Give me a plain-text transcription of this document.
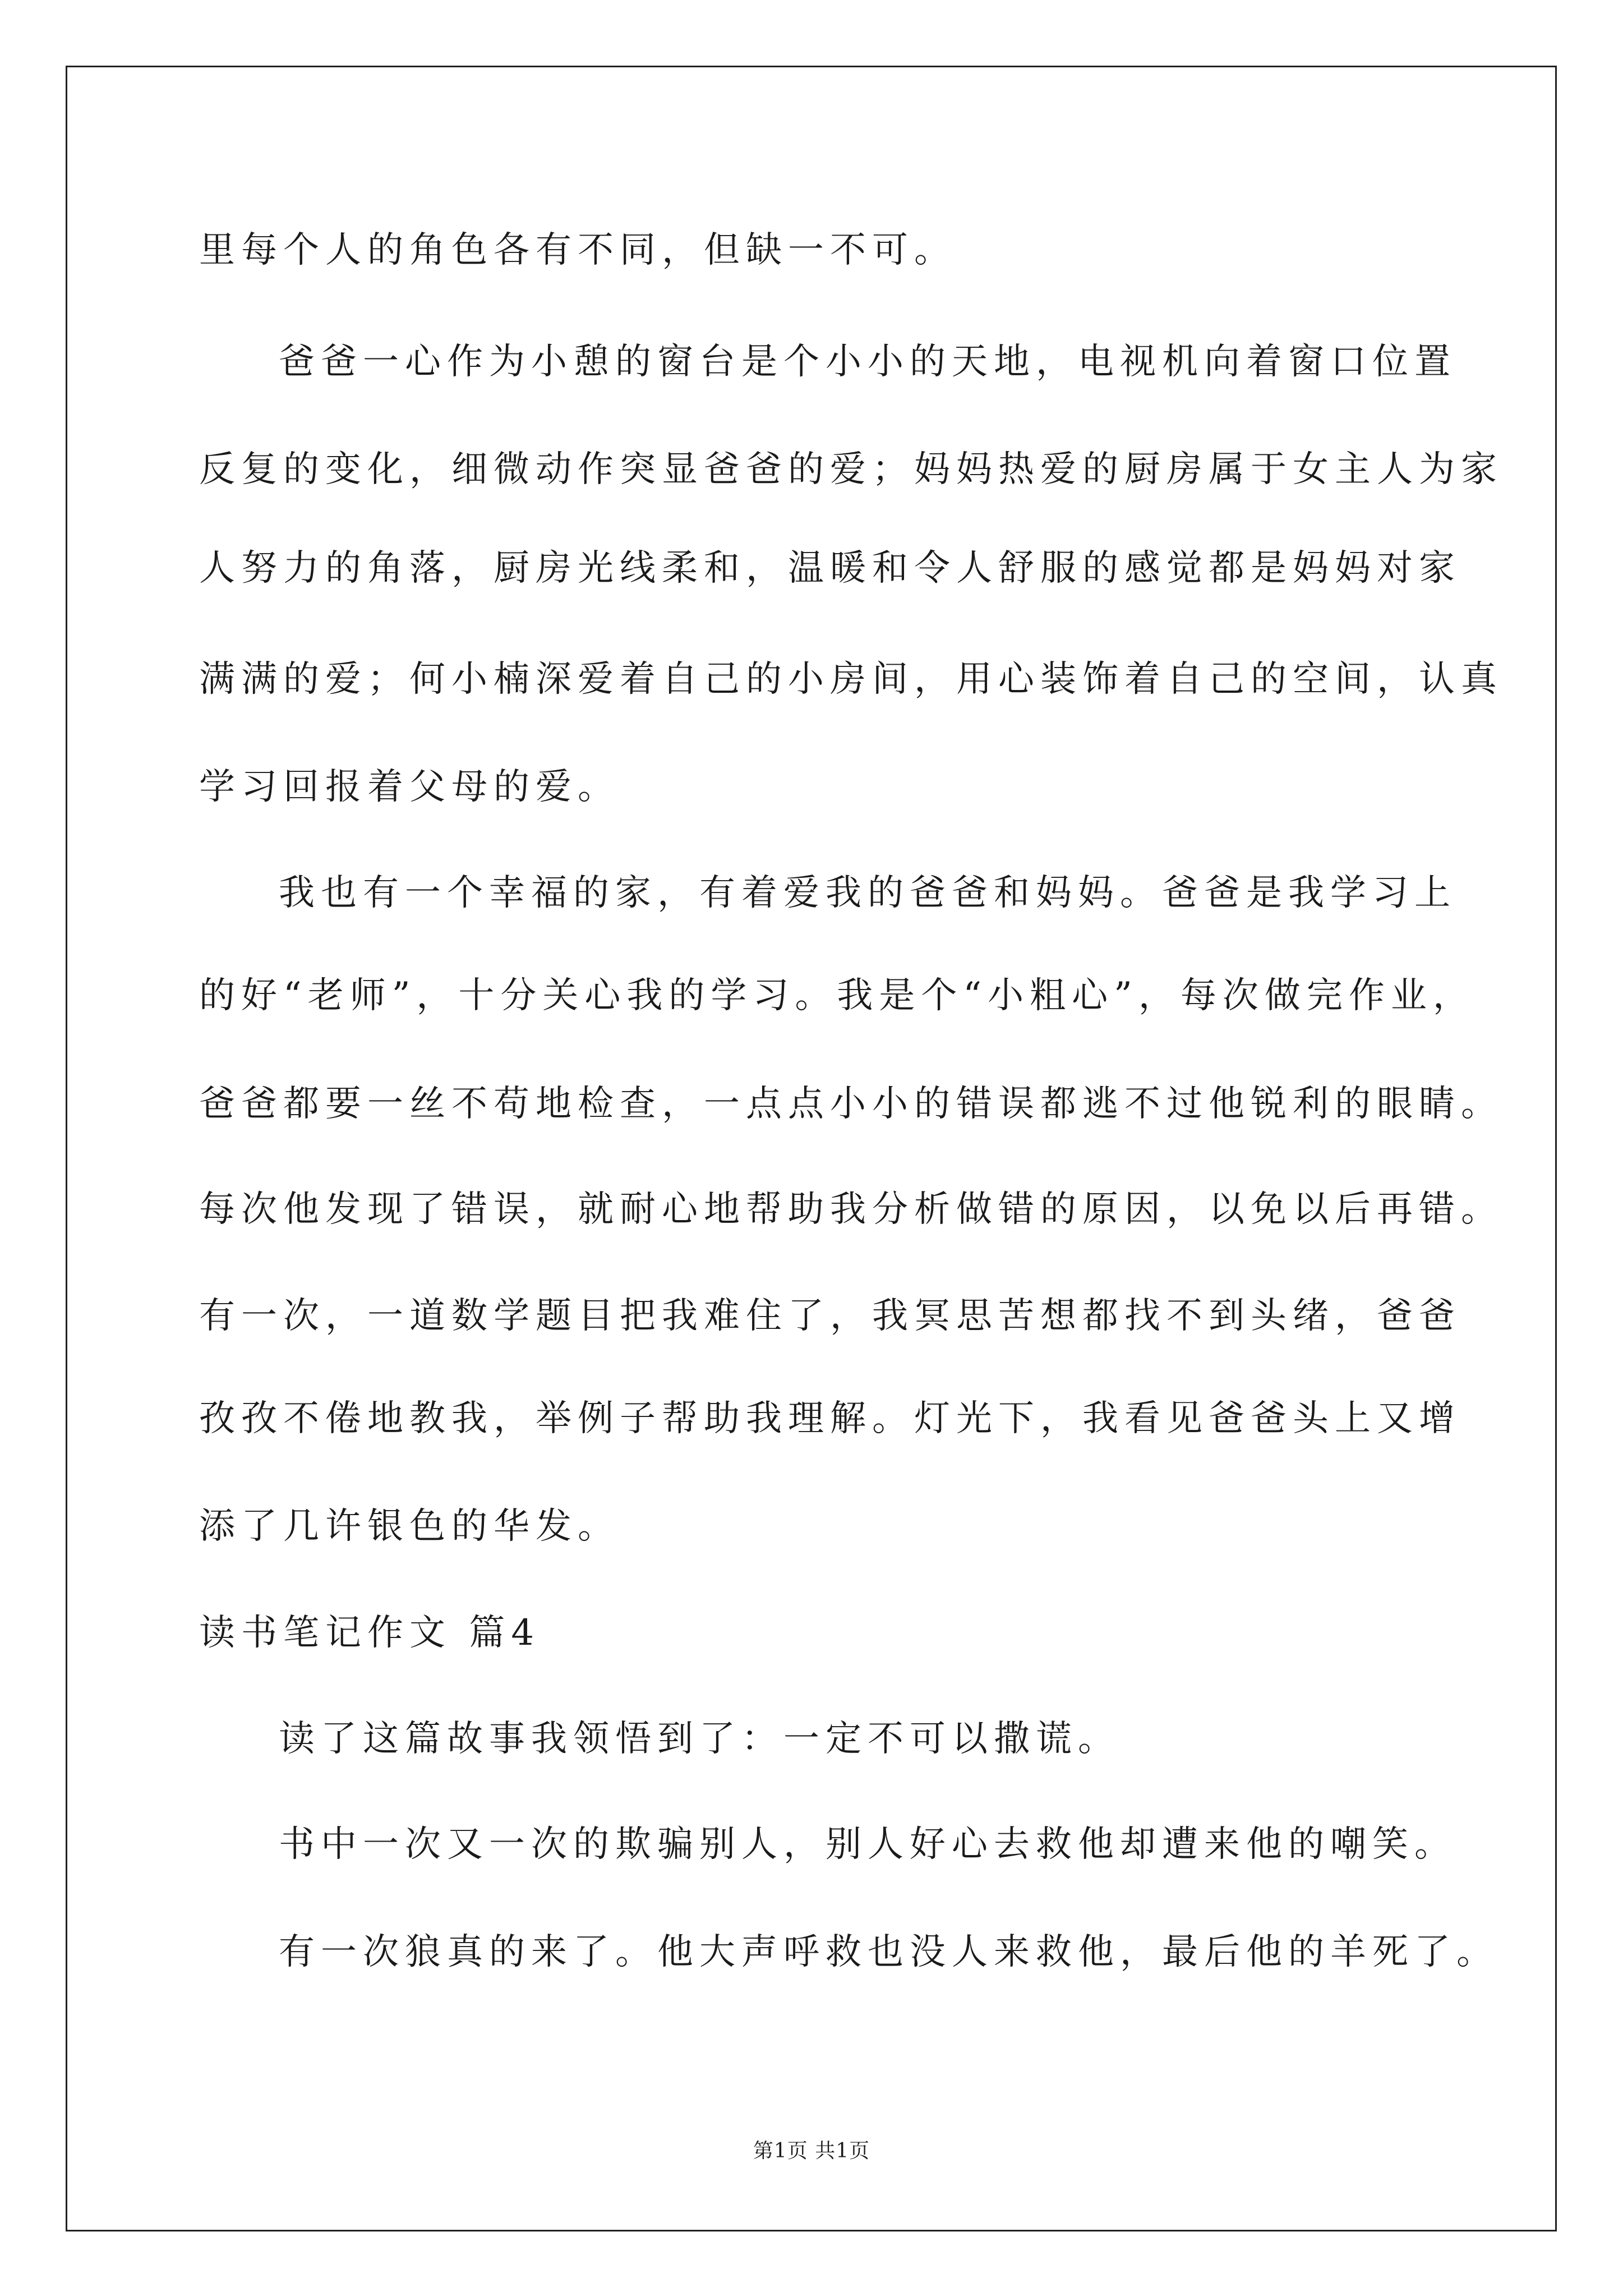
里每个人的角色各有不同，但缺一不可。
爸爸一心作为小憩的窗台是个小小的天地，电视机向着窗口位置
反复的变化，细微动作突显爸爸的爱；妈妈热爱的厨房属于女主人为家
人努力的角落，厨房光线柔和，温暖和令人舒服的感觉都是妈妈对家
满满的爱；何小楠深爱着自己的小房间，用心装饰着自己的空间，认真
学习回报着父母的爱。
我也有一个幸福的家，有着爱我的爸爸和妈妈。爸爸是我学习上
的好“老师”，十分关心我的学习。我是个“小粗心”，每次做完作业，
爸爸都要一丝不苟地检查，一点点小小的错误都逃不过他锐利的眼睛。
每次他发现了错误，就耐心地帮助我分析做错的原因，以免以后再错。
有一次，一道数学题目把我难住了，我冥思苦想都找不到头绪，爸爸
孜孜不倦地教我，举例子帮助我理解。灯光下，我看见爸爸头上又增
添了几许银色的华发。
读书笔记作文 篇4
读了这篇故事我领悟到了：一定不可以撒谎。
书中一次又一次的欺骗别人，别人好心去救他却遭来他的嘲笑。
有一次狼真的来了。他大声呼救也没人来救他，最后他的羊死了。
第1页 共1页
